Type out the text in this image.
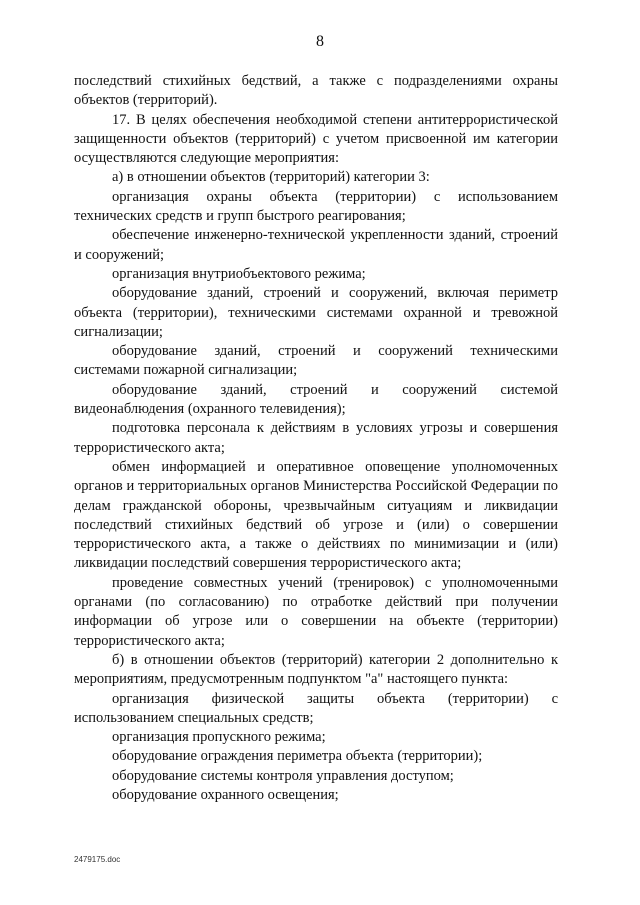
8

последствий стихийных бедствий, а также с подразделениями охраны объектов (территорий).

17. В целях обеспечения необходимой степени антитеррористической защищенности объектов (территорий) с учетом присвоенной им категории осуществляются следующие мероприятия:

а) в отношении объектов (территорий) категории 3:

организация охраны объекта (территории) с использованием технических средств и групп быстрого реагирования;

обеспечение инженерно-технической укрепленности зданий, строений и сооружений;

организация внутриобъектового режима;

оборудование зданий, строений и сооружений, включая периметр объекта (территории), техническими системами охранной и тревожной сигнализации;

оборудование зданий, строений и сооружений техническими системами пожарной сигнализации;

оборудование зданий, строений и сооружений системой видеонаблюдения (охранного телевидения);

подготовка персонала к действиям в условиях угрозы и совершения террористического акта;

обмен информацией и оперативное оповещение уполномоченных органов и территориальных органов Министерства Российской Федерации по делам гражданской обороны, чрезвычайным ситуациям и ликвидации последствий стихийных бедствий об угрозе и (или) о совершении террористического акта, а также о действиях по минимизации и (или) ликвидации последствий совершения террористического акта;

проведение совместных учений (тренировок) с уполномоченными органами (по согласованию) по отработке действий при получении информации об угрозе или о совершении на объекте (территории) террористического акта;

б) в отношении объектов (территорий) категории 2 дополнительно к мероприятиям, предусмотренным подпунктом "а" настоящего пункта:

организация физической защиты объекта (территории) с использованием специальных средств;

организация пропускного режима;

оборудование ограждения периметра объекта (территории);

оборудование системы контроля управления доступом;

оборудование охранного освещения;

2479175.doc
